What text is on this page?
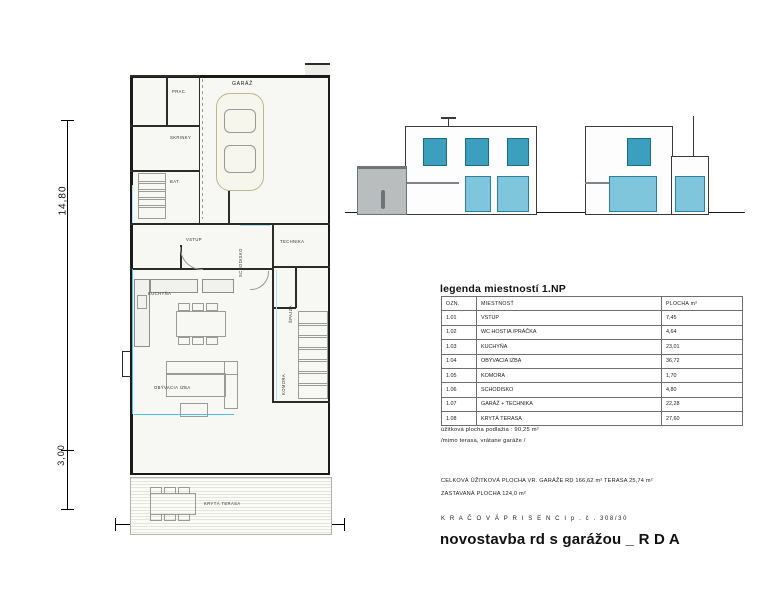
14,80
3,00
PRAC.
SKRINKY
BAT.
GARÁŽ
VSTUP	TECHNIKA
KUCHYŇA
ŠPAJZA
OBÝVACIA IZBA	KOMORA
SCHODISKO
KRYTÁ TERASA
legenda miestností 1.NP
OZN.	MIESTNOSŤ	PLOCHA m²
1.01	VSTUP	7,45
1.02	WC HOSTIA /PRÁČKA	4,64
1.03	KUCHYŇA	23,01
1.04	OBÝVACIA IZBA	36,72
1.05	KOMORA	1,70
1.06	SCHODISKO	4,80
1.07	GARÁŽ + TECHNIKA	22,28
1.08	KRYTÁ TERASA	27,60
úžitková plocha podlažia : 90,25 m²
/mimo terasa, vrátane garáže /
CELKOVÁ ÚŽITKOVÁ PLOCHA VR. GARÁŽE RD 166,62 m² TERASA 25,74 m²
ZASTAVANÁ PLOCHA 124,0 m²
K R A Č O V Á P R I S E N C I p . č . 308/30
novostavba rd s garážou _ R D A
